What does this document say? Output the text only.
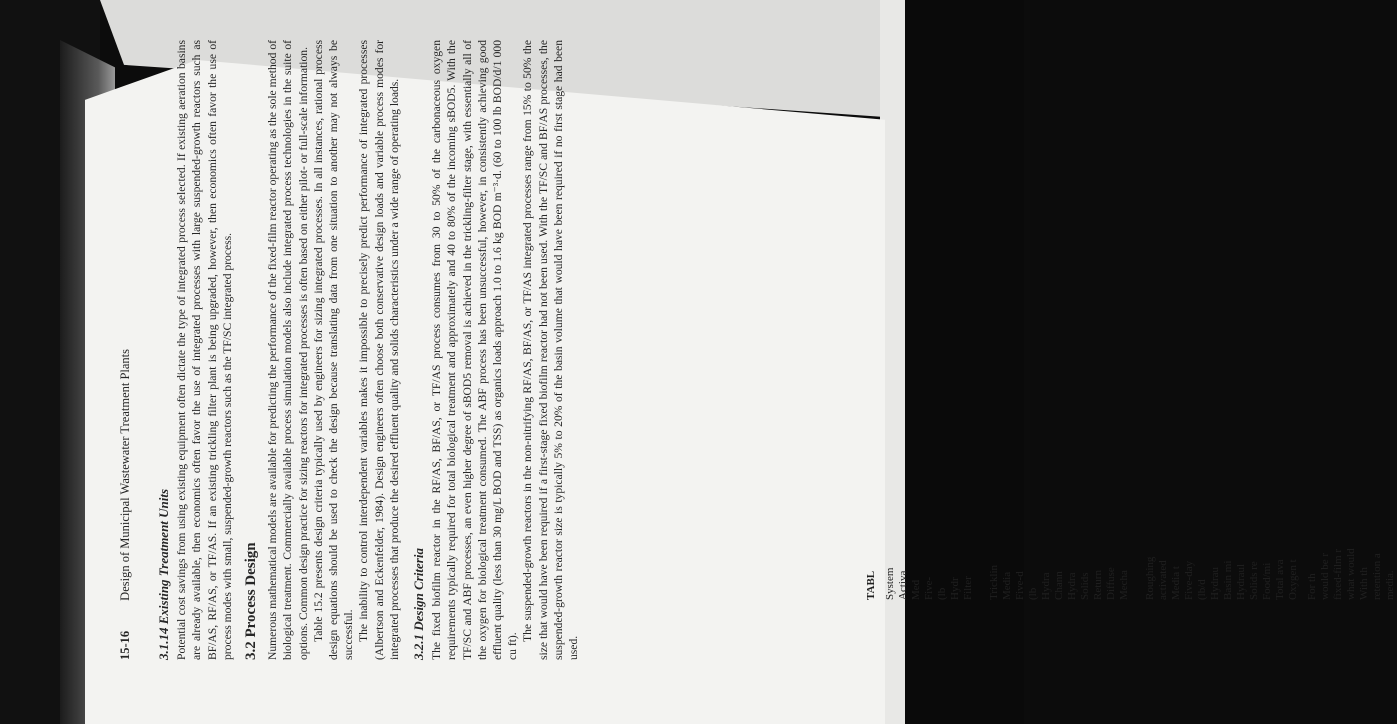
15-16
Design of Municipal Wastewater Treatment Plants	3.1.14 Existing Treatment Units Potential cost savings from using existing equipment often dictate the type of integrated process selected. If existing aeration basins are already available, then economics often favor the use of integrated processes with large suspended-growth reactors such as BF/AS, RF/AS, or TF/AS. If an existing trickling filter plant is being upgraded, however, then economics often favor the use of process modes with small, suspended-growth reactors such as the TF/SC integrated process. 3.2 Process Design Numerous mathematical models are available for predicting the performance of the fixed-film reactor operating as the sole method of biological treatment. Commercially available process simulation models also include integrated process technologies in the suite of options. Common design practice for sizing reactors for integrated processes is often based on either pilot- or full-scale information. Table 15.2 presents design criteria typically used by engineers for sizing integrated processes. In all instances, rational process design equations should be used to check the design because translating data from one situation to another may not always be successful. The inability to control interdependent variables makes it impossible to precisely predict performance of integrated processes (Albertson and Eckenfelder, 1984). Design engineers often choose both conservative design loads and variable process modes for integrated processes that produce the desired effluent quality and solids characteristics under a wide range of operating loads. 3.2.1 Design Criteria The fixed biofilm reactor in the RF/AS, BF/AS, or TF/AS process consumes from 30 to 50% of the carbonaceous oxygen requirements typically required for total biological treatment and approximately and 40 to 80% of the incoming sBOD5. With the TF/SC and ABF processes, an even higher degree of sBOD5 removal is achieved in the trickling-filter stage, with essentially all of the oxygen for biological treatment consumed. The ABF process has been unsuccessful, however, in consistently achieving good effluent quality (less than 30 mg/L BOD and TSS) as organics loads approach 1.0 to 1.6 kg BOD m⁻³·d. (60 to 100 lb BOD/d/1 000 cu ft).

The suspended-growth reactors in the non-nitrifying RF/AS, BF/AS, or TF/AS integrated processes range from 15% to 50% the size that would have been required if a first-stage fixed biofilm reactor had not been used. With the TF/SC and BF/AS processes, the suspended-growth reactor size is typically 5% to 20% of the basin volume that would have been required if no first stage had been used.

TABL System Activa Med Five- (lb Hydr Filter
Tricklin Media Five-d (lb Hydra Chann Hydra Solids Return Diffuse Mecha
Roughing activated Media t Five-day (lb/d Hydrau Basin mi Hydraul Solids re Food/mi Total ava Oxygen t For th would be r fixed-film r what would With th retention a media.
